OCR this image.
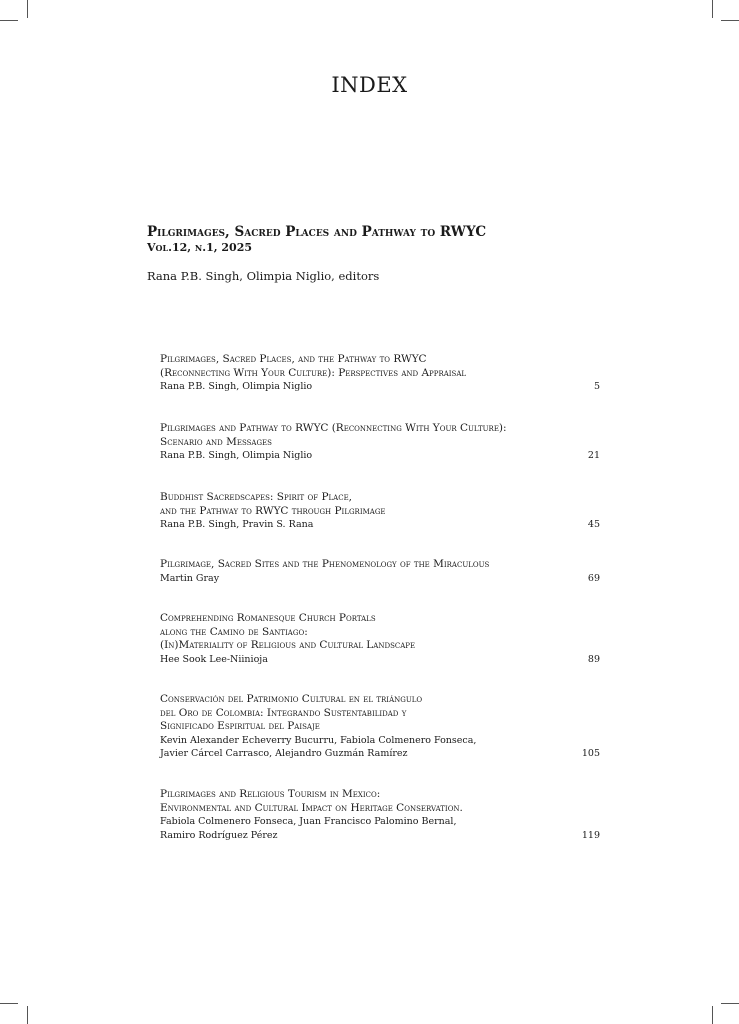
INDEX
Pilgrimages, Sacred Places and Pathway to RWYC
Vol.12, n.1, 2025
Rana P.B. Singh, Olimpia Niglio, editors
Pilgrimages, Sacred Places, and the Pathway to RWYC
(Reconnecting With Your Culture): Perspectives and Appraisal
Rana P.B. Singh, Olimpia Niglio	5
Pilgrimages and Pathway to RWYC (Reconnecting With Your Culture):
Scenario and Messages
Rana P.B. Singh, Olimpia Niglio	21
Buddhist Sacredscapes: Spirit of Place,
and the Pathway to RWYC through Pilgrimage
Rana P.B. Singh, Pravin S. Rana	45
Pilgrimage, Sacred Sites and the Phenomenology of the Miraculous
Martin Gray	69
Comprehending Romanesque Church Portals
along the Camino de Santiago:
(In)Materiality of Religious and Cultural Landscape
Hee Sook Lee-Niinioja	89
Conservación del Patrimonio Cultural en el triángulo
del Oro de Colombia: Integrando Sustentabilidad y
Significado Espiritual del Paisaje
Kevin Alexander Echeverry Bucurru, Fabiola Colmenero Fonseca,
Javier Cárcel Carrasco, Alejandro Guzmán Ramírez	105
Pilgrimages and Religious Tourism in Mexico:
Environmental and Cultural Impact on Heritage Conservation.
Fabiola Colmenero Fonseca, Juan Francisco Palomino Bernal,
Ramiro Rodríguez Pérez	119
